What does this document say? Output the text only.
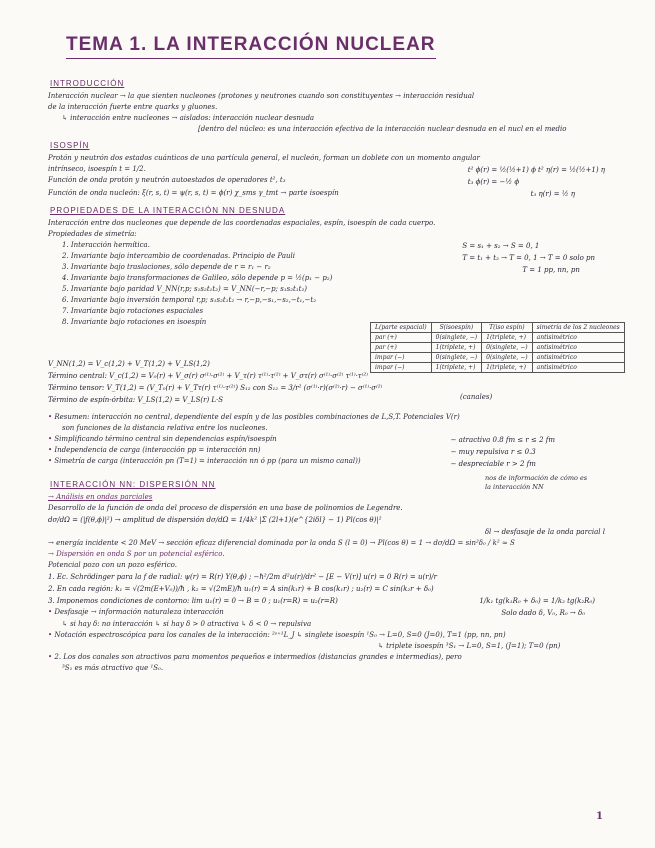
TEMA 1. LA INTERACCIÓN NUCLEAR
INTRODUCCIÓN
Interacción nuclear → la que sienten nucleones (protones y neutrones cuando son constituyentes → interacción residual
de la interacción fuerte entre quarks y gluones.
↳ interacción entre nucleones → aislados: interacción nuclear desnuda
[dentro del núcleo: es una interacción efectiva de la interacción nuclear desnuda en el nucl en el medio
ISOSPÍN
Protón y neutrón dos estados cuánticos de una partícula general, el nucleón, forman un doblete con un momento angular
intrínseco, isoespín t = 1/2.
Función de onda protón y neutrón autoestados de operadores t², t₃
t² ϕ(r) = ½(½+1) ϕ t² η(r) = ½(½+1) η
t₃ ϕ(r) = −½ ϕ
Función de onda nucleón: ξ(r, s, t) = ψ(r, s, t) = ϕ(r) χ_sms γ_tmt → parte isoespín	t₃ η(r) = ½ η
PROPIEDADES DE LA INTERACCIÓN NN DESNUDA
Interacción entre dos nucleones que depende de las coordenadas espaciales, espín, isoespín de cada cuerpo.
Propiedades de simetría:
1. Interacción hermítica.
2. Invariante bajo intercambio de coordenadas. Principio de Pauli
3. Invariante bajo traslaciones, sólo depende de r = r₁ − r₂
4. Invariante bajo transformaciones de Galileo, sólo depende p = ½(p₁ − p₂)
5. Invariante bajo paridad V_NN(r,p; s₁s₂t₁t₂) = V_NN(−r,−p; s₁s₂t₁t₂)
6. Invariante bajo inversión temporal r,p; s₁s₂t₁t₂ → r,−p,−s₁,−s₂,−t₁,−t₂
7. Invariante bajo rotaciones espaciales
8. Invariante bajo rotaciones en isoespín
S = s₁ + s₂ → S = 0, 1
T = t₁ + t₂ → T = 0, 1 → T = 0 solo pn
T = 1 pp, nn, pn
V_NN(1,2) = V_c(1,2) + V_T(1,2) + V_LS(1,2)
Término central: V_c(1,2) = V₀(r) + V_σ(r) σ⁽¹⁾·σ⁽²⁾ + V_τ(r) τ⁽¹⁾·τ⁽²⁾ + V_στ(r) σ⁽¹⁾·σ⁽²⁾ τ⁽¹⁾·τ⁽²⁾
Término tensor: V_T(1,2) = (V_T₀(r) + V_Tτ(r) τ⁽¹⁾·τ⁽²⁾) S₁₂ con S₁₂ = 3/r² (σ⁽¹⁾·r)(σ⁽²⁾·r) − σ⁽¹⁾·σ⁽²⁾
Término de espín-órbita: V_LS(1,2) = V_LS(r) L·S
• Resumen: interacción no central, dependiente del espín y de las posibles combinaciones de L,S,T. Potenciales V(r)
son funciones de la distancia relativa entre los nucleones.
• Simplificando término central sin dependencias espín/isoespín
• Independencia de carga (interacción pp = interacción nn)
• Simetría de carga (interacción pn (T=1) = interacción nn ó pp (para un mismo canal))
− atractiva 0.8 fm ≤ r ≤ 2 fm
− muy repulsiva r ≤ 0.3
− despreciable r > 2 fm
INTERACCIÓN NN: DISPERSIÓN NN
nos de información de cómo es la interacción NN
→ Análisis en ondas parciales
Desarrollo de la función de onda del proceso de dispersión en una base de polinomios de Legendre.
dσ/dΩ = (|f(θ,ϕ)|²) → amplitud de dispersión dσ/dΩ = 1/4k² |Σ (2l+1)(e^{2iδl} − 1) Pl(cos θ)|²
δl → desfasaje de la onda parcial l
→ energía incidente < 20 MeV → sección eficaz diferencial dominada por la onda S (l = 0) → Pl(cos θ) = 1 → dσ/dΩ = sin²δ₀ / k² ≈ S
→ Dispersión en onda S por un potencial esférico.
Potencial pozo con un pozo esférico.
1. Ec. Schrödinger para la f de radial: ψ(r) = R(r) Y(θ,ϕ) ; −ħ²/2m d²u(r)/dr² − [E − V(r)] u(r) = 0 R(r) = u(r)/r
2. En cada región: k₁ = √(2m(E+V₀))/ħ , k₂ = √(2mE)/ħ u₁(r) = A sin(k₁r) + B cos(k₁r) ; u₂(r) = C sin(k₂r + δ₀)
3. Imponemos condiciones de contorno: lim u₁(r) = 0 → B = 0 ; u₁(r=R) = u₂(r=R)	1/k₁ tg(k₁R₀ + δ₀) = 1/k₂ tg(k₂R₀)
• Desfasaje → información naturaleza interacción	Solo dado δ, V₀, R₀ → δ₀
↳ si hay δ: no interacción ↳ si hay δ > 0 atractiva ↳ δ < 0 → repulsiva
• Notación espectroscópica para los canales de la interacción: ²ˢ⁺¹L_J ↳ singlete isoespín ¹S₀ → L=0, S=0 (J=0), T=1 (pp, nn, pn)
↳ triplete isoespín ³S₁ → L=0, S=1, (J=1); T=0 (pn)
• 2. Los dos canales son atractivos para momentos pequeños e intermedios (distancias grandes e intermedias), pero
³S₁ es más atractivo que ¹S₀.
L(parte espacial)	S(isoespín)	T(iso espín)	simetría de los 2 nucleones
par (+)	0(singlete, −)	1(triplete, +)	antisimétrico
par (+)	1(triplete, +)	0(singlete, −)	antisimétrico
impar (−)	0(singlete, −)	0(singlete, −)	antisimétrico
impar (−)	1(triplete, +)	1(triplete, +)	antisimétrico
(canales)
1
